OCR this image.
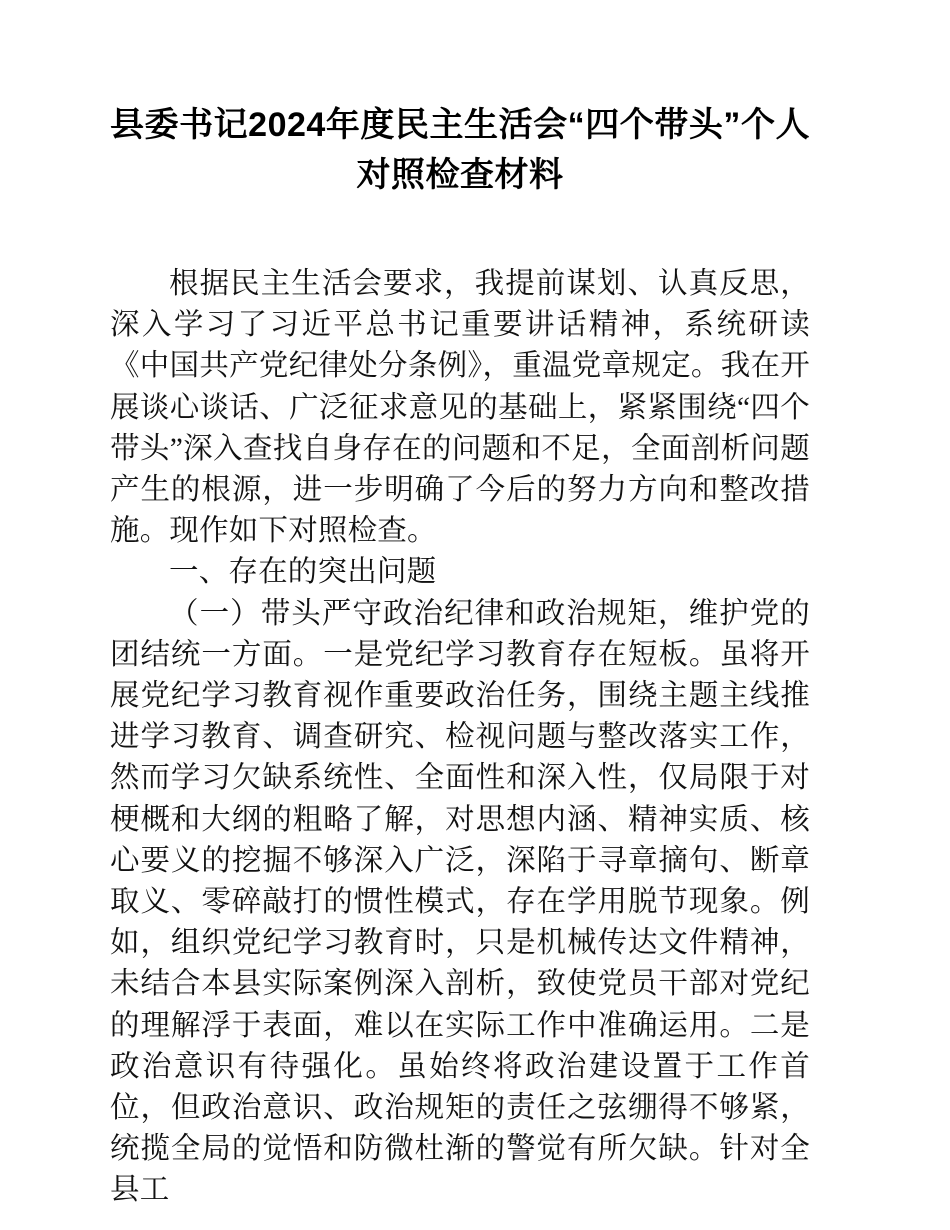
县委书记2024年度民主生活会“四个带头”个人对照检查材料

根据民主生活会要求，我提前谋划、认真反思，深入学习了习近平总书记重要讲话精神，系统研读《中国共产党纪律处分条例》，重温党章规定。我在开展谈心谈话、广泛征求意见的基础上，紧紧围绕“四个带头”深入查找自身存在的问题和不足，全面剖析问题产生的根源，进一步明确了今后的努力方向和整改措施。现作如下对照检查。

一、存在的突出问题

（一）带头严守政治纪律和政治规矩，维护党的团结统一方面。一是党纪学习教育存在短板。虽将开展党纪学习教育视作重要政治任务，围绕主题主线推进学习教育、调查研究、检视问题与整改落实工作，然而学习欠缺系统性、全面性和深入性，仅局限于对梗概和大纲的粗略了解，对思想内涵、精神实质、核心要义的挖掘不够深入广泛，深陷于寻章摘句、断章取义、零碎敲打的惯性模式，存在学用脱节现象。例如，组织党纪学习教育时，只是机械传达文件精神，未结合本县实际案例深入剖析，致使党员干部对党纪的理解浮于表面，难以在实际工作中准确运用。二是政治意识有待强化。虽始终将政治建设置于工作首位，但政治意识、政治规矩的责任之弦绷得不够紧，统揽全局的觉悟和防微杜渐的警觉有所欠缺。针对全县工
